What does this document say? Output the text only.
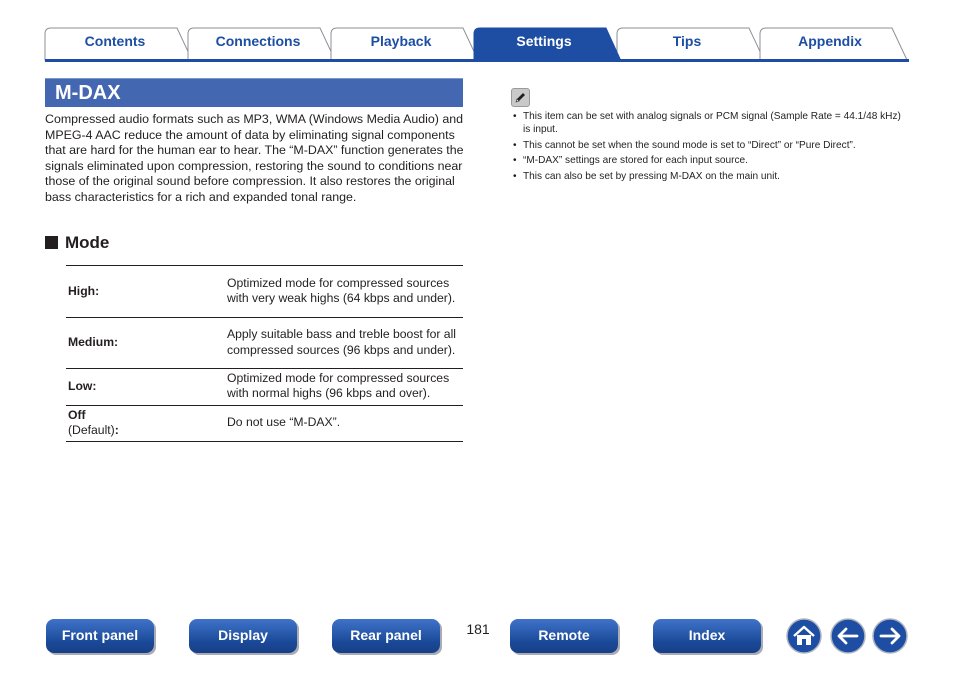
Contents	Connections	Playback	Settings	Tips	Appendix
M-DAX
Compressed audio formats such as MP3, WMA (Windows Media Audio) and MPEG-4 AAC reduce the amount of data by eliminating signal components that are hard for the human ear to hear. The “M-DAX” function generates the signals eliminated upon compression, restoring the sound to conditions near those of the original sound before compression. It also restores the original bass characteristics for a rich and expanded tonal range.
Mode
High:	Optimized mode for compressed sources with very weak highs (64 kbps and under).
Medium:	Apply suitable bass and treble boost for all compressed sources (96 kbps and under).
Low:	Optimized mode for compressed sources with normal highs (96 kbps and over).
Off
(Default):	Do not use “M-DAX”.
• This item can be set with analog signals or PCM signal (Sample Rate = 44.1/48 kHz) is input.
• This cannot be set when the sound mode is set to “Direct” or “Pure Direct”.
• “M-DAX” settings are stored for each input source.
• This can also be set by pressing M-DAX on the main unit.
Front panel	Display	Rear panel	181	Remote	Index
